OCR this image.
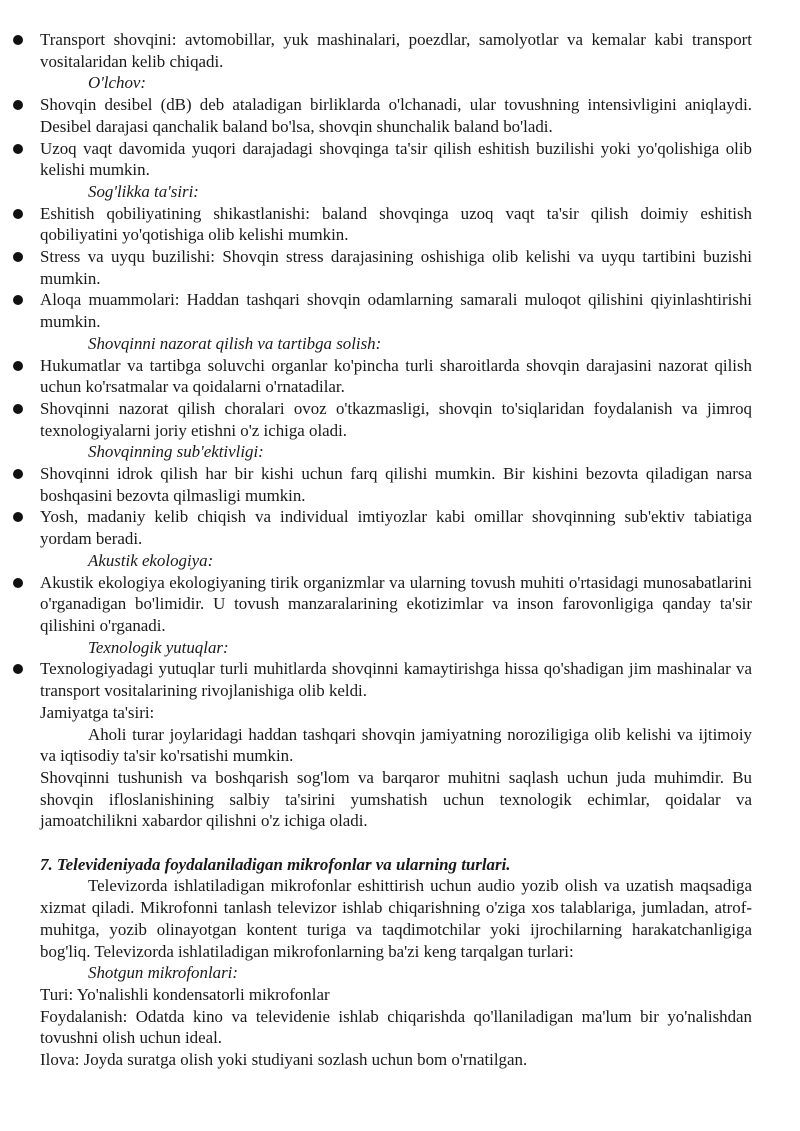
Transport shovqini: avtomobillar, yuk mashinalari, poezdlar, samolyotlar va kemalar kabi transport vositalaridan kelib chiqadi.

O'lchov:

Shovqin desibel (dB) deb ataladigan birliklarda o'lchanadi, ular tovushning intensivligini aniqlaydi. Desibel darajasi qanchalik baland bo'lsa, shovqin shunchalik baland bo'ladi.

Uzoq vaqt davomida yuqori darajadagi shovqinga ta'sir qilish eshitish buzilishi yoki yo'qolishiga olib kelishi mumkin.

Sog'likka ta'siri:

Eshitish qobiliyatining shikastlanishi: baland shovqinga uzoq vaqt ta'sir qilish doimiy eshitish qobiliyatini yo'qotishiga olib kelishi mumkin.

Stress va uyqu buzilishi: Shovqin stress darajasining oshishiga olib kelishi va uyqu tartibini buzishi mumkin.

Aloqa muammolari: Haddan tashqari shovqin odamlarning samarali muloqot qilishini qiyinlashtirishi mumkin.

Shovqinni nazorat qilish va tartibga solish:

Hukumatlar va tartibga soluvchi organlar ko'pincha turli sharoitlarda shovqin darajasini nazorat qilish uchun ko'rsatmalar va qoidalarni o'rnatadilar.

Shovqinni nazorat qilish choralari ovoz o'tkazmasligi, shovqin to'siqlaridan foydalanish va jimroq texnologiyalarni joriy etishni o'z ichiga oladi.

Shovqinning sub'ektivligi:

Shovqinni idrok qilish har bir kishi uchun farq qilishi mumkin. Bir kishini bezovta qiladigan narsa boshqasini bezovta qilmasligi mumkin.

Yosh, madaniy kelib chiqish va individual imtiyozlar kabi omillar shovqinning sub'ektiv tabiatiga yordam beradi.

Akustik ekologiya:

Akustik ekologiya ekologiyaning tirik organizmlar va ularning tovush muhiti o'rtasidagi munosabatlarini o'rganadigan bo'limidir. U tovush manzaralarining ekotizimlar va inson farovonligiga qanday ta'sir qilishini o'rganadi.

Texnologik yutuqlar:

Texnologiyadagi yutuqlar turli muhitlarda shovqinni kamaytirishga hissa qo'shadigan jim mashinalar va transport vositalarining rivojlanishiga olib keldi.

Jamiyatga ta'siri:

Aholi turar joylaridagi haddan tashqari shovqin jamiyatning noroziligiga olib kelishi va ijtimoiy va iqtisodiy ta'sir ko'rsatishi mumkin.

Shovqinni tushunish va boshqarish sog'lom va barqaror muhitni saqlash uchun juda muhimdir. Bu shovqin ifloslanishining salbiy ta'sirini yumshatish uchun texnologik echimlar, qoidalar va jamoatchilikni xabardor qilishni o'z ichiga oladi.

7. Televideniyada foydalaniladigan mikrofonlar va ularning turlari.

Televizorda ishlatiladigan mikrofonlar eshittirish uchun audio yozib olish va uzatish maqsadiga xizmat qiladi. Mikrofonni tanlash televizor ishlab chiqarishning o'ziga xos talablariga, jumladan, atrof-muhitga, yozib olinayotgan kontent turiga va taqdimotchilar yoki ijrochilarning harakatchanligiga bog'liq. Televizorda ishlatiladigan mikrofonlarning ba'zi keng tarqalgan turlari:

Shotgun mikrofonlari:

Turi: Yo'nalishli kondensatorli mikrofonlar

Foydalanish: Odatda kino va televidenie ishlab chiqarishda qo'llaniladigan ma'lum bir yo'nalishdan tovushni olish uchun ideal.

Ilova: Joyda suratga olish yoki studiyani sozlash uchun bom o'rnatilgan.
